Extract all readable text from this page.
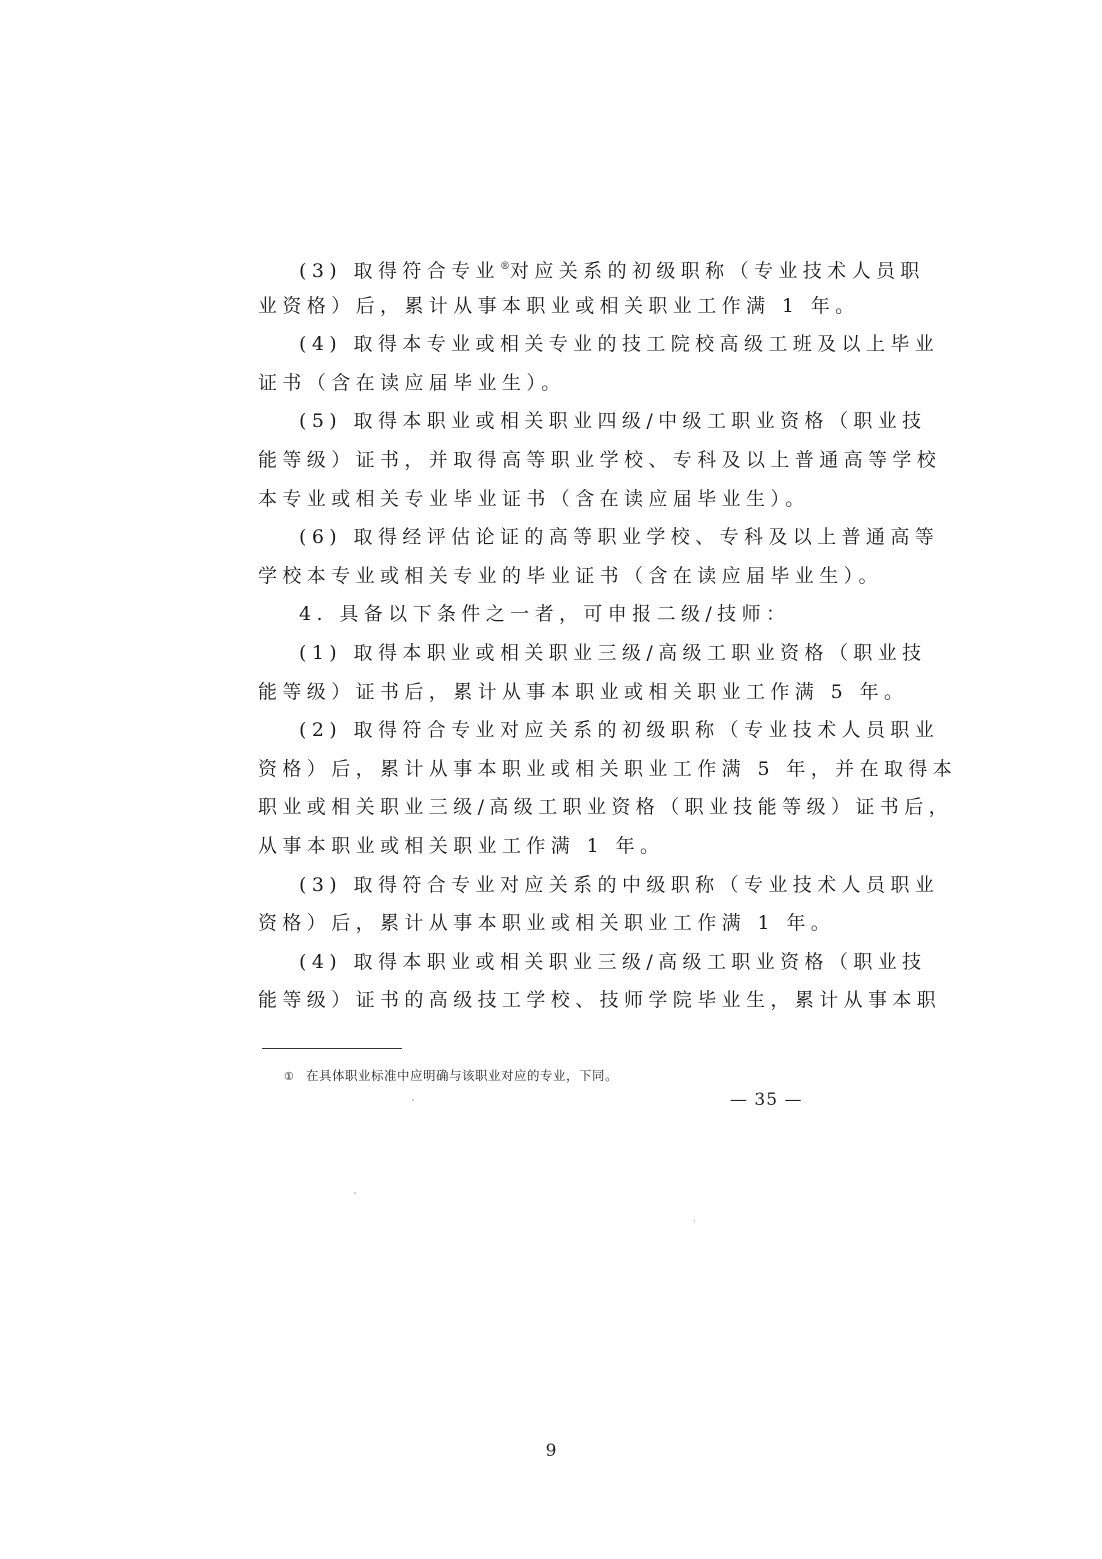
(3) 取得符合专业®对应关系的初级职称（专业技术人员职
业资格）后，累计从事本职业或相关职业工作满 1 年。
(4) 取得本专业或相关专业的技工院校高级工班及以上毕业
证书（含在读应届毕业生）。
(5) 取得本职业或相关职业四级/中级工职业资格（职业技
能等级）证书，并取得高等职业学校、专科及以上普通高等学校
本专业或相关专业毕业证书（含在读应届毕业生）。
(6) 取得经评估论证的高等职业学校、专科及以上普通高等
学校本专业或相关专业的毕业证书（含在读应届毕业生）。
4. 具备以下条件之一者，可申报二级/技师：
(1) 取得本职业或相关职业三级/高级工职业资格（职业技
能等级）证书后，累计从事本职业或相关职业工作满 5 年。
(2) 取得符合专业对应关系的初级职称（专业技术人员职业
资格）后，累计从事本职业或相关职业工作满 5 年，并在取得本
职业或相关职业三级/高级工职业资格（职业技能等级）证书后，
从事本职业或相关职业工作满 1 年。
(3) 取得符合专业对应关系的中级职称（专业技术人员职业
资格）后，累计从事本职业或相关职业工作满 1 年。
(4) 取得本职业或相关职业三级/高级工职业资格（职业技
能等级）证书的高级技工学校、技师学院毕业生，累计从事本职
① 在具体职业标准中应明确与该职业对应的专业，下同。
— 35 —
9
